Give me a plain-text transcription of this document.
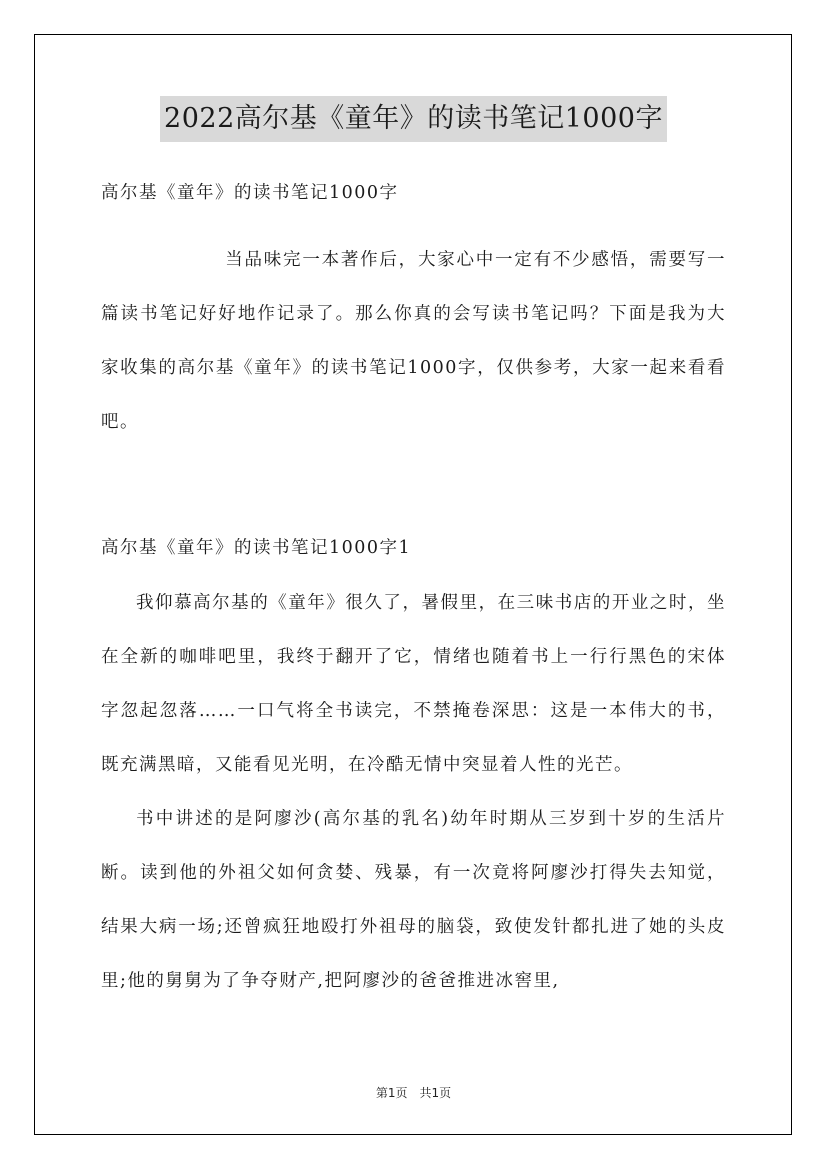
2022高尔基《童年》的读书笔记1000字

高尔基《童年》的读书笔记1000字

当品味完一本著作后，大家心中一定有不少感悟，需要写一篇读书笔记好好地作记录了。那么你真的会写读书笔记吗？下面是我为大家收集的高尔基《童年》的读书笔记1000字，仅供参考，大家一起来看看吧。

高尔基《童年》的读书笔记1000字1

我仰慕高尔基的《童年》很久了，暑假里，在三味书店的开业之时，坐在全新的咖啡吧里，我终于翻开了它，情绪也随着书上一行行黑色的宋体字忽起忽落……一口气将全书读完，不禁掩卷深思：这是一本伟大的书，既充满黑暗，又能看见光明，在冷酷无情中突显着人性的光芒。

书中讲述的是阿廖沙(高尔基的乳名)幼年时期从三岁到十岁的生活片断。读到他的外祖父如何贪婪、残暴，有一次竟将阿廖沙打得失去知觉，结果大病一场;还曾疯狂地殴打外祖母的脑袋，致使发针都扎进了她的头皮里;他的舅舅为了争夺财产,把阿廖沙的爸爸推进冰窖里,

第1页　共1页
